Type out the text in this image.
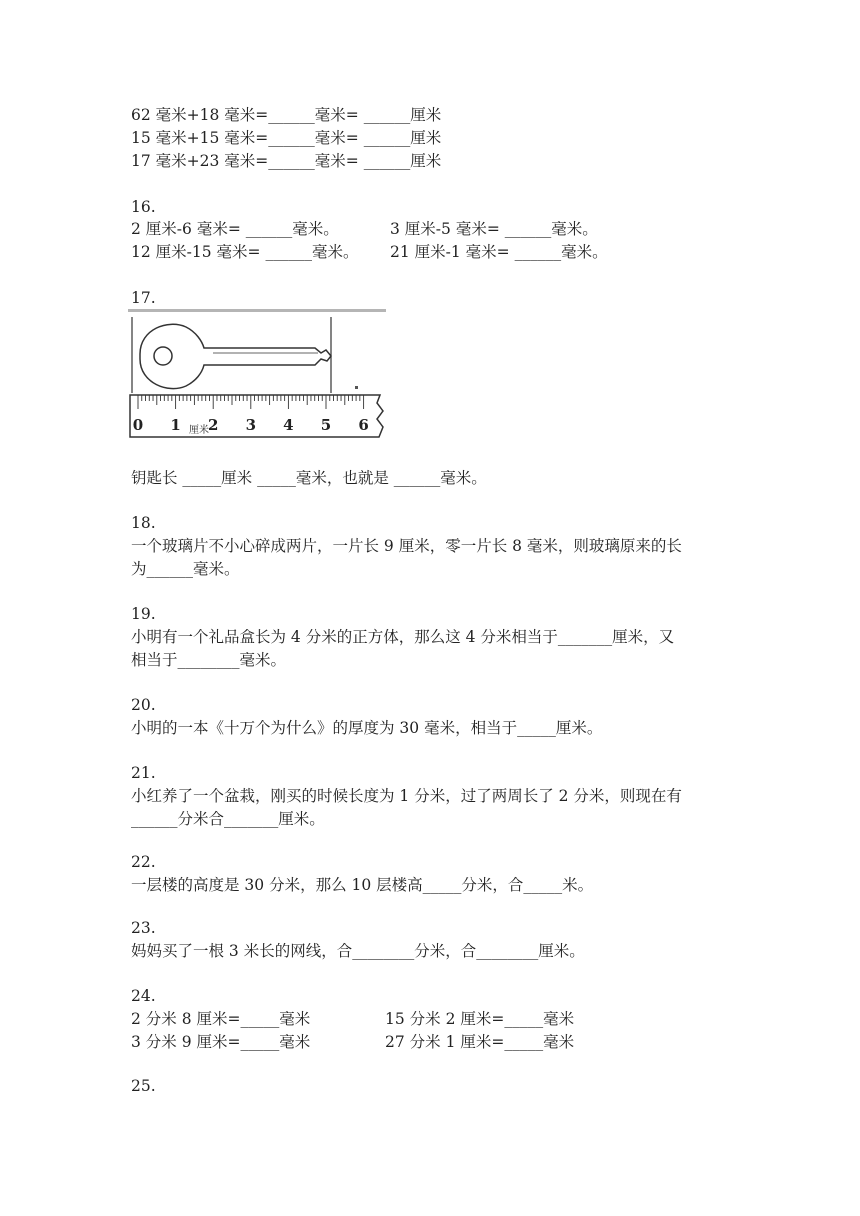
62 毫米+18 毫米=______毫米= ______厘米
15 毫米+15 毫米=______毫米= ______厘米
17 毫米+23 毫米=______毫米= ______厘米
16.
2 厘米-6 毫米= ______毫米。	3 厘米-5 毫米= ______毫米。
12 厘米-15 毫米= ______毫米。 21 厘米-1 毫米= ______毫米。
17.
0 1 2 3 4 5 6
厘米
钥匙长 _____厘米 _____毫米，也就是 ______毫米。
18.
一个玻璃片不小心碎成两片，一片长 9 厘米，零一片长 8 毫米，则玻璃原来的长
为______毫米。
19.
小明有一个礼品盒长为 4 分米的正方体，那么这 4 分米相当于_______厘米，又
相当于________毫米。
20.
小明的一本《十万个为什么》的厚度为 30 毫米，相当于_____厘米。
21.
小红养了一个盆栽，刚买的时候长度为 1 分米，过了两周长了 2 分米，则现在有
______分米合_______厘米。
22.
一层楼的高度是 30 分米，那么 10 层楼高_____分米，合_____米。
23.
妈妈买了一根 3 米长的网线，合________分米，合________厘米。
24.
2 分米 8 厘米=_____毫米	15 分米 2 厘米=_____毫米
3 分米 9 厘米=_____毫米	27 分米 1 厘米=_____毫米
25.
